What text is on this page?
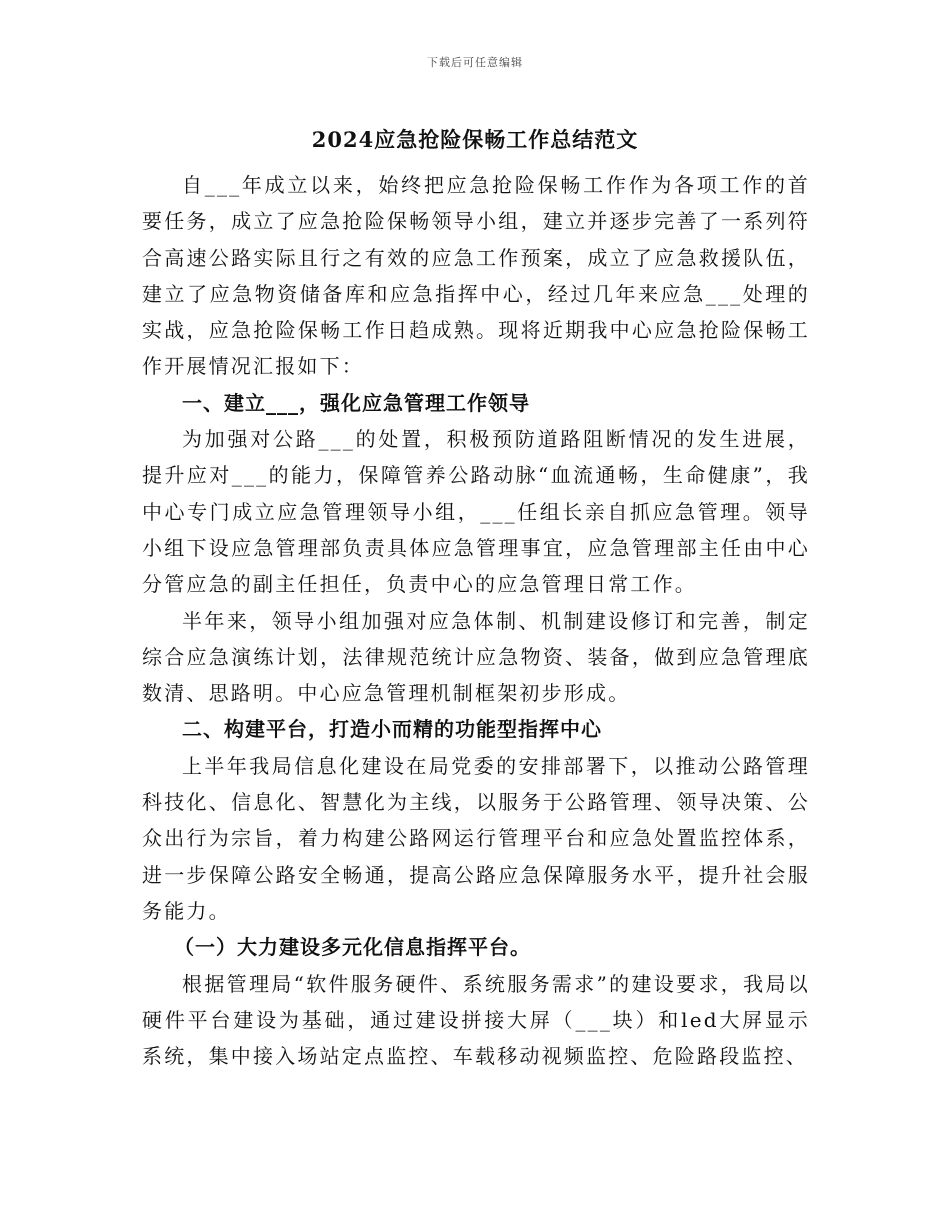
下载后可任意编辑
2024应急抢险保畅工作总结范文

自___年成立以来，始终把应急抢险保畅工作作为各项工作的首要任务，成立了应急抢险保畅领导小组，建立并逐步完善了一系列符合高速公路实际且行之有效的应急工作预案，成立了应急救援队伍，建立了应急物资储备库和应急指挥中心，经过几年来应急___处理的实战，应急抢险保畅工作日趋成熟。现将近期我中心应急抢险保畅工作开展情况汇报如下：

一、建立___，强化应急管理工作领导

为加强对公路___的处置，积极预防道路阻断情况的发生进展，提升应对___的能力，保障管养公路动脉“血流通畅，生命健康”，我中心专门成立应急管理领导小组，___任组长亲自抓应急管理。领导小组下设应急管理部负责具体应急管理事宜，应急管理部主任由中心分管应急的副主任担任，负责中心的应急管理日常工作。

半年来，领导小组加强对应急体制、机制建设修订和完善，制定综合应急演练计划，法律规范统计应急物资、装备，做到应急管理底数清、思路明。中心应急管理机制框架初步形成。

二、构建平台，打造小而精的功能型指挥中心

上半年我局信息化建设在局党委的安排部署下，以推动公路管理科技化、信息化、智慧化为主线，以服务于公路管理、领导决策、公众出行为宗旨，着力构建公路网运行管理平台和应急处置监控体系，进一步保障公路安全畅通，提高公路应急保障服务水平，提升社会服务能力。

（一）大力建设多元化信息指挥平台。

根据管理局“软件服务硬件、系统服务需求”的建设要求，我局以硬件平台建设为基础，通过建设拼接大屏（___块）和led大屏显示系统，集中接入场站定点监控、车载移动视频监控、危险路段监控、
